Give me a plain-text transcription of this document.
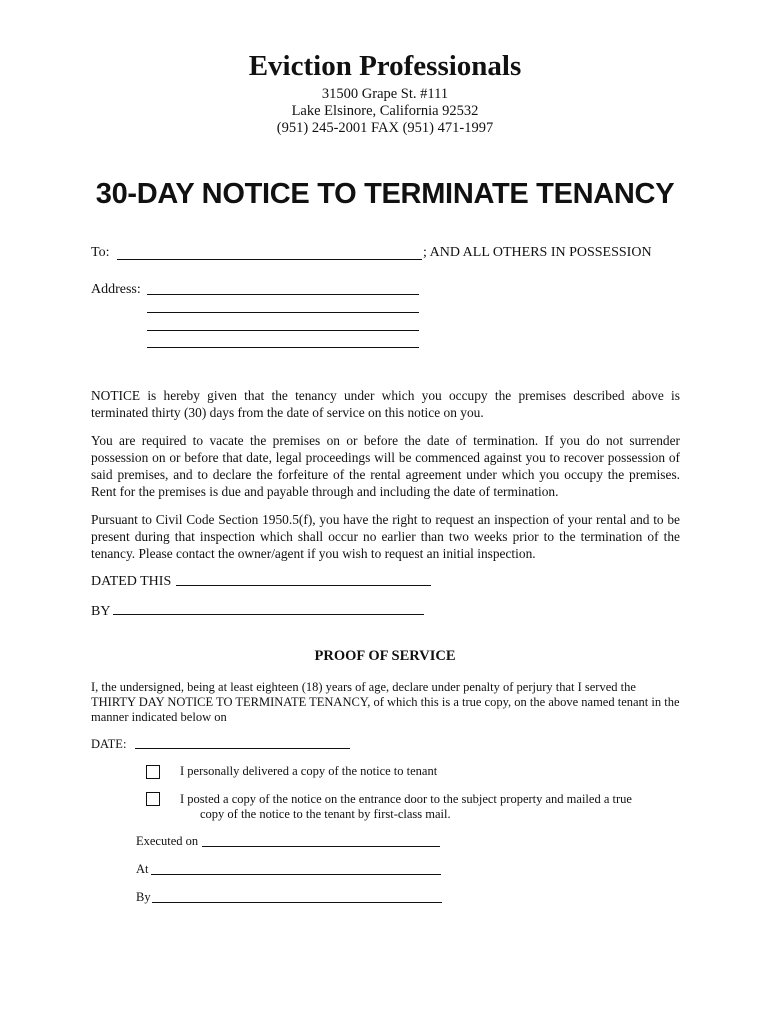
Eviction Professionals
31500 Grape St. #111
Lake Elsinore, California 92532
(951) 245-2001 FAX (951) 471-1997
30-DAY NOTICE TO TERMINATE TENANCY
To:	; AND ALL OTHERS IN POSSESSION
Address:
NOTICE is hereby given that the tenancy under which you occupy the premises described above is terminated thirty (30) days from the date of service on this notice on you.
You are required to vacate the premises on or before the date of termination. If you do not surrender possession on or before that date, legal proceedings will be commenced against you to recover possession of said premises, and to declare the forfeiture of the rental agreement under which you occupy the premises. Rent for the premises is due and payable through and including the date of termination.
Pursuant to Civil Code Section 1950.5(f), you have the right to request an inspection of your rental and to be present during that inspection which shall occur no earlier than two weeks prior to the termination of the tenancy. Please contact the owner/agent if you wish to request an initial inspection.
DATED THIS
BY
PROOF OF SERVICE
I, the undersigned, being at least eighteen (18) years of age, declare under penalty of perjury that I served the THIRTY DAY NOTICE TO TERMINATE TENANCY, of which this is a true copy, on the above named tenant in the manner indicated below on
DATE:
I personally delivered a copy of the notice to tenant
I posted a copy of the notice on the entrance door to the subject property and mailed a true
copy of the notice to the tenant by first-class mail.
Executed on
At
By
